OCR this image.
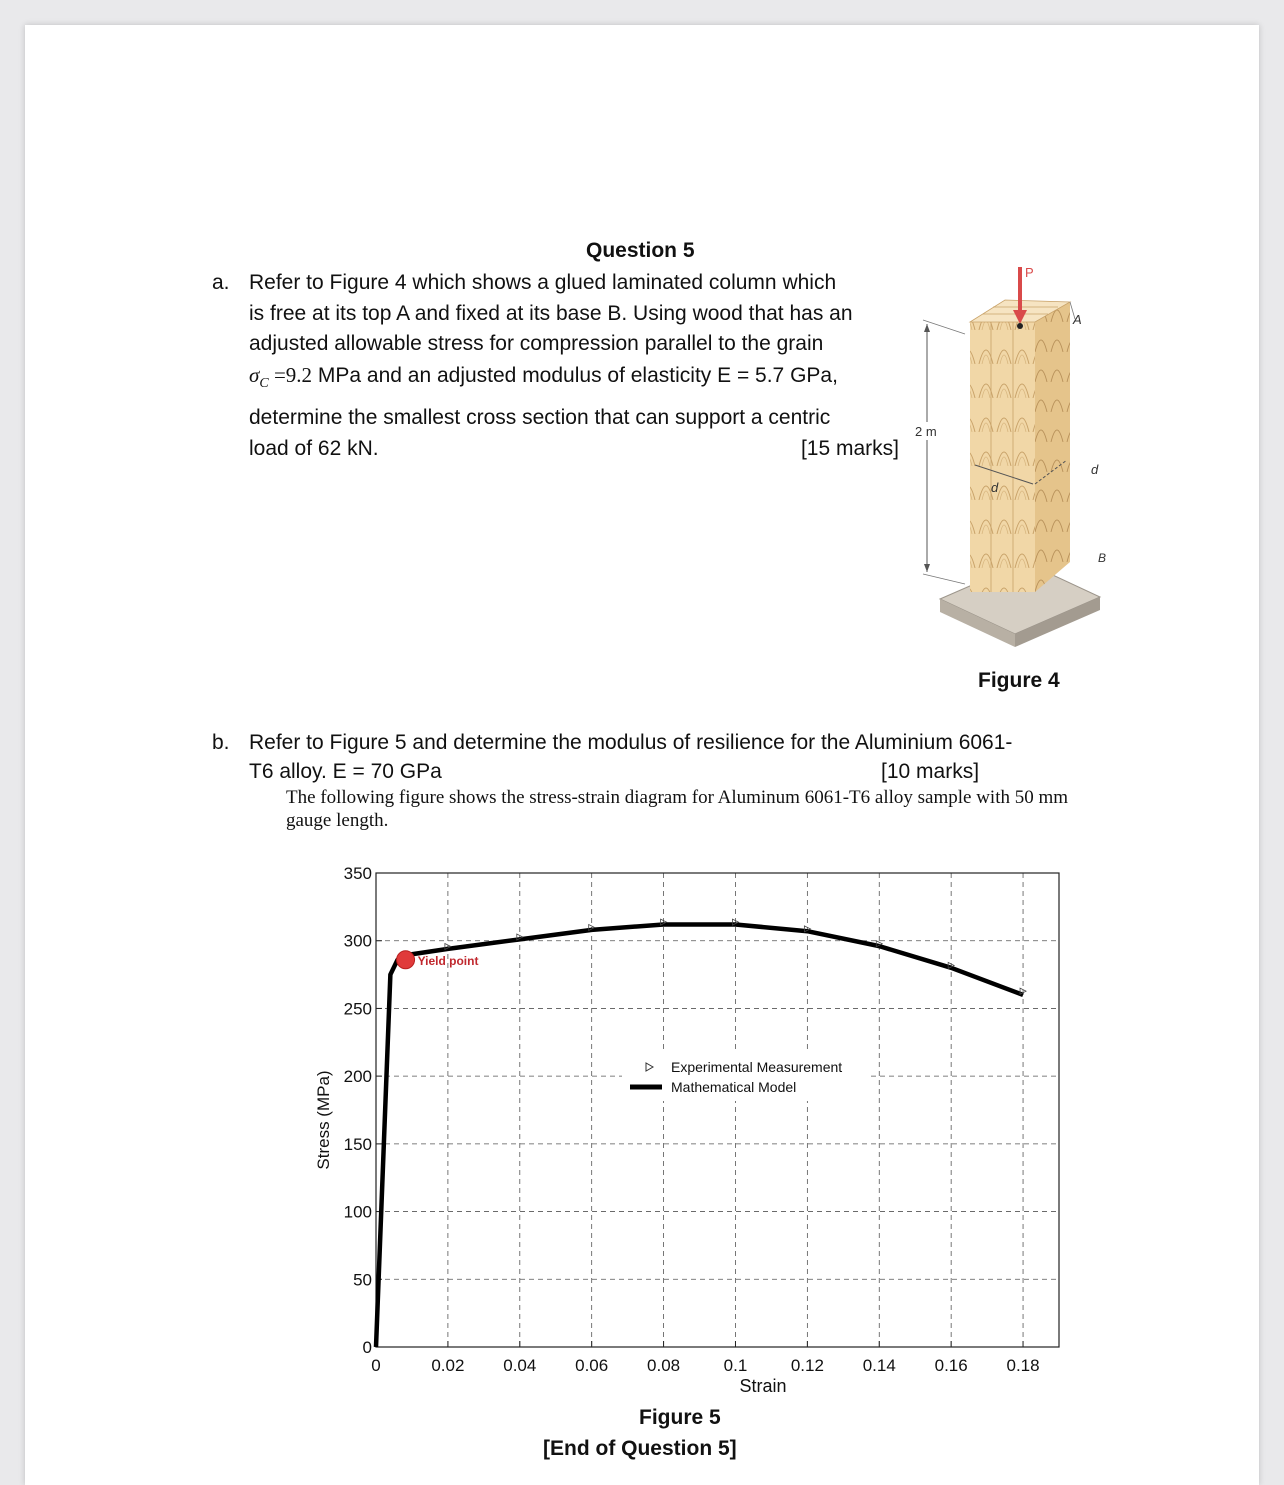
Question 5
a. Refer to Figure 4 which shows a glued laminated column which
is free at its top A and fixed at its base B. Using wood that has an
adjusted allowable stress for compression parallel to the grain
$\sigma_C =9.2$ MPa and an adjusted modulus of elasticity E = 5.7 GPa,
determine the smallest cross section that can support a centric
load of 62 kN.	[15 marks]
P
A
2 m
d
d
B
Figure 4
b. Refer to Figure 5 and determine the modulus of resilience for the Aluminium 6061-
T6 alloy. E = 70 GPa	[10 marks]
The following figure shows the stress-strain diagram for Aluminum 6061-T6 alloy sample with 50 mm gauge length.
0
50
100
150
200
250
300
350
0	0.02 0.04 0.06 0.08	0.1	0.12 0.14 0.16 0.18
Experimental Measurement
Mathematical Model
Yield point
Strain
Stress (MPa)
Figure 5
[End of Question 5]
